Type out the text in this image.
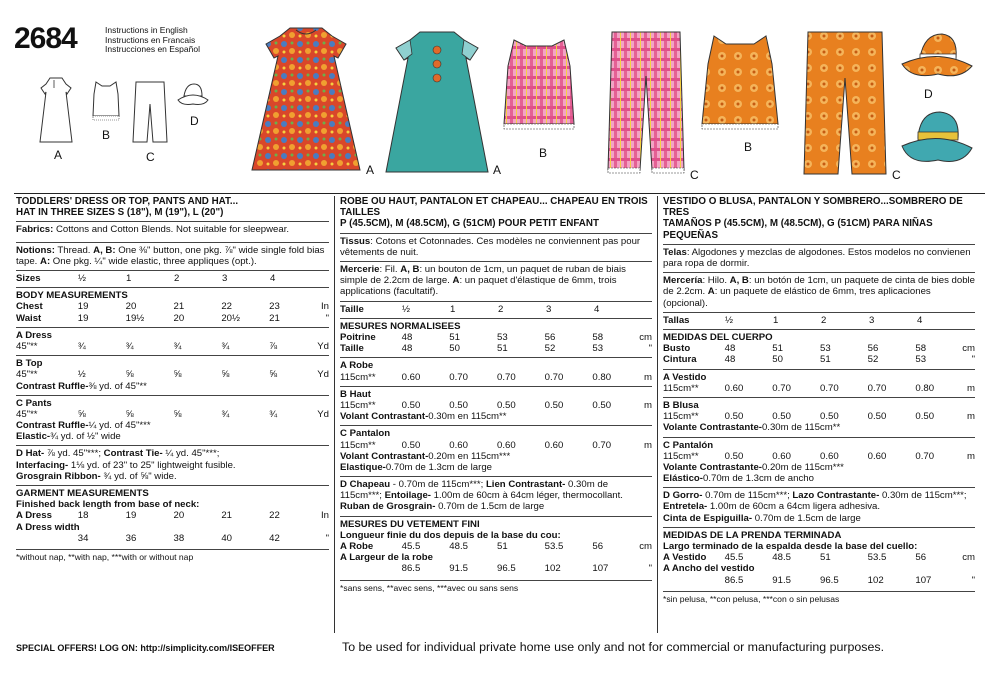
2684	Instructions in English
Instructions en Francais
Instrucciones en Español
A
B
C
D
A	A
B
C
B
C
D
TODDLERS' DRESS OR TOP, PANTS AND HAT...
HAT IN THREE SIZES S (18"), M (19"), L (20")
Fabrics: Cottons and Cotton Blends. Not suitable for sleepwear.
Notions: Thread. A, B: One ⅜" button, one pkg. ⅞" wide single fold bias tape. A: One pkg. ¼" wide elastic, three appliques (opt.).
Sizes	½	1	2	3	4
BODY MEASUREMENTS
Chest	19	20	21	22	23	In
Waist	19	19½	20	20½	21	"
A Dress
45"**	¾	¾	¾	¾	⅞	Yd
B Top
45"**	½	⅝	⅝	⅝	⅝	Yd
Contrast Ruffle- ⅜ yd. of 45"**
C Pants
45"**	⅝	⅝	⅝	¾	¾	Yd
Contrast Ruffle- ¼ yd. of 45"***
Elastic- ¾ yd. of ½" wide
D Hat- ⅞ yd. 45"***; Contrast Tie- ¼ yd. 45"***;
Interfacing- 1⅛ yd. of 23" to 25" lightweight fusible.
Grosgrain Ribbon- ¾ yd. of ⅝" wide.
GARMENT MEASUREMENTS
Finished back length from base of neck:
A Dress	18	19	20	21	22	In
A Dress width
34	36	38	40	42	"
*without nap, **with nap, ***with or without nap
ROBE OU HAUT, PANTALON ET CHAPEAU... CHAPEAU EN TROIS TAILLES
P (45.5CM), M (48.5CM), G (51CM) POUR PETIT ENFANT
Tissus: Cotons et Cotonnades. Ces modèles ne conviennent pas pour vêtements de nuit.
Mercerie: Fil. A, B: un bouton de 1cm, un paquet de ruban de biais simple de 2.2cm de large. A: un paquet d'élastique de 6mm, trois applications (facultatif).
Taille	½	1	2	3	4
MESURES NORMALISEES
Poitrine	48	51	53	56	58	cm
Taille	48	50	51	52	53	"
A Robe
115cm**	0.60	0.70	0.70	0.70	0.80	m
B Haut
115cm**	0.50	0.50	0.50	0.50	0.50	m
Volant Contrastant- 0.30m en 115cm**
C Pantalon
115cm**	0.50	0.60	0.60	0.60	0.70	m
Volant Contrastant- 0.20m en 115cm***
Elastique- 0.70m de 1.3cm de large
D Chapeau - 0.70m de 115cm***; Lien Contrastant- 0.30m de 115cm***; Entoilage- 1.00m de 60cm à 64cm léger, thermocollant.
Ruban de Grosgrain- 0.70m de 1.5cm de large
MESURES DU VETEMENT FINI
Longueur finie du dos depuis de la base du cou:
A Robe	45.5	48.5	51	53.5	56	cm
A Largeur de la robe
86.5	91.5	96.5	102	107	"
*sans sens, **avec sens, ***avec ou sans sens
VESTIDO O BLUSA, PANTALON Y SOMBRERO...SOMBRERO DE TRES
TAMAÑOS P (45.5CM), M (48.5CM), G (51CM) PARA NIÑAS PEQUEÑAS
Telas: Algodones y mezclas de algodones. Estos modelos no convienen para ropa de dormir.
Mercería: Hilo. A, B: un botón de 1cm, un paquete de cinta de bies doble de 2.2cm. A: un paquete de elástico de 6mm, tres aplicaciones (opcional).
Tallas	½	1	2	3	4
MEDIDAS DEL CUERPO
Busto	48	51	53	56	58	cm
Cintura	48	50	51	52	53	"
A Vestido
115cm**	0.60	0.70	0.70	0.70	0.80	m
B Blusa
115cm**	0.50	0.50	0.50	0.50	0.50	m
Volante Contrastante- 0.30m de 115cm**
C Pantalón
115cm**	0.50	0.60	0.60	0.60	0.70	m
Volante Contrastante- 0.20m de 115cm***
Elástico- 0.70m de 1.3cm de ancho
D Gorro- 0.70m de 115cm***; Lazo Contrastante- 0.30m de 115cm***; Entretela- 1.00m de 60cm a 64cm ligera adhesiva.
Cinta de Espiguilla- 0.70m de 1.5cm de large
MEDIDAS DE LA PRENDA TERMINADA
Largo terminado de la espalda desde la base del cuello:
A Vestido	45.5	48.5	51	53.5	56	cm
A Ancho del vestido
86.5	91.5	96.5	102	107	"
*sin pelusa, **con pelusa, ***con o sin pelusas
SPECIAL OFFERS! LOG ON: http://simplicity.com/ISEOFFER	To be used for individual private home use only and not for commercial or manufacturing purposes.
